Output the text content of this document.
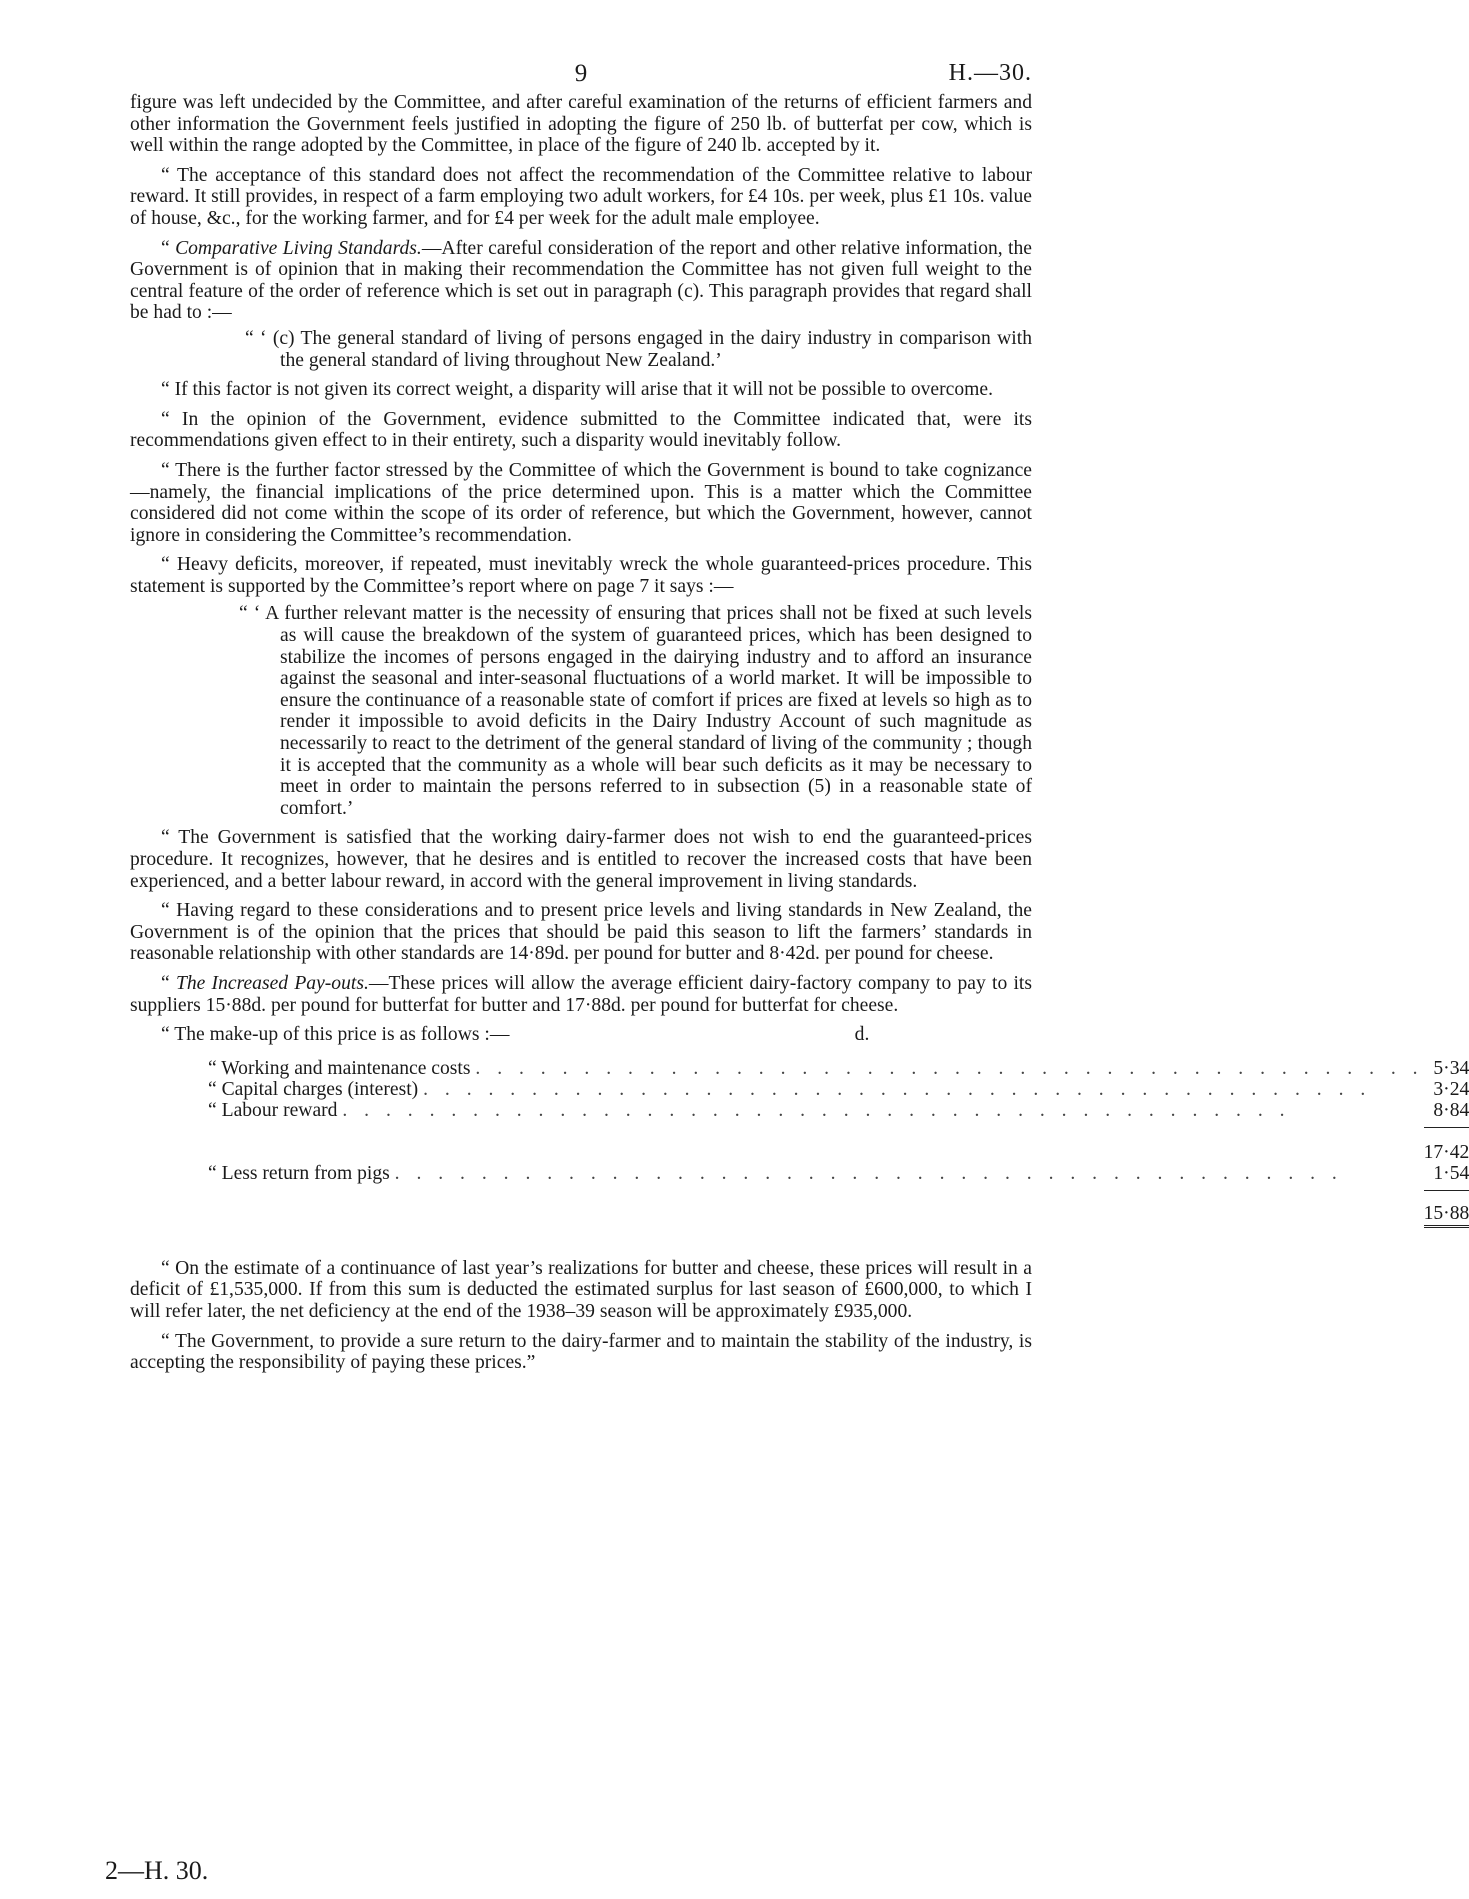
9	H.—30.

figure was left undecided by the Committee, and after careful examination of the returns of efficient farmers and other information the Government feels justified in adopting the figure of 250 lb. of butterfat per cow, which is well within the range adopted by the Committee, in place of the figure of 240 lb. accepted by it.

“ The acceptance of this standard does not affect the recommendation of the Committee relative to labour reward. It still provides, in respect of a farm employing two adult workers, for £4 10s. per week, plus £1 10s. value of house, &c., for the working farmer, and for £4 per week for the adult male employee.

“ Comparative Living Standards.—After careful consideration of the report and other relative information, the Government is of opinion that in making their recommendation the Committee has not given full weight to the central feature of the order of reference which is set out in paragraph (c). This paragraph provides that regard shall be had to :—

“ ‘ (c) The general standard of living of persons engaged in the dairy industry in comparison with the general standard of living throughout New Zealand.’

“ If this factor is not given its correct weight, a disparity will arise that it will not be possible to overcome.

“ In the opinion of the Government, evidence submitted to the Committee indicated that, were its recommendations given effect to in their entirety, such a disparity would inevitably follow.

“ There is the further factor stressed by the Committee of which the Government is bound to take cognizance—namely, the financial implications of the price determined upon. This is a matter which the Committee considered did not come within the scope of its order of reference, but which the Government, however, cannot ignore in considering the Committee’s recommendation.

“ Heavy deficits, moreover, if repeated, must inevitably wreck the whole guaranteed-prices procedure. This statement is supported by the Committee’s report where on page 7 it says :—

“ ‘ A further relevant matter is the necessity of ensuring that prices shall not be fixed at such levels as will cause the breakdown of the system of guaranteed prices, which has been designed to stabilize the incomes of persons engaged in the dairying industry and to afford an insurance against the seasonal and inter-seasonal fluctuations of a world market. It will be impossible to ensure the continuance of a reasonable state of comfort if prices are fixed at levels so high as to render it impossible to avoid deficits in the Dairy Industry Account of such magnitude as necessarily to react to the detriment of the general standard of living of the community ; though it is accepted that the community as a whole will bear such deficits as it may be necessary to meet in order to maintain the persons referred to in subsection (5) in a reasonable state of comfort.’

“ The Government is satisfied that the working dairy-farmer does not wish to end the guaranteed-prices procedure. It recognizes, however, that he desires and is entitled to recover the increased costs that have been experienced, and a better labour reward, in accord with the general improvement in living standards.

“ Having regard to these considerations and to present price levels and living standards in New Zealand, the Government is of the opinion that the prices that should be paid this season to lift the farmers’ standards in reasonable relationship with other standards are 14·89d. per pound for butter and 8·42d. per pound for cheese.

“ The Increased Pay-outs.—These prices will allow the average efficient dairy-factory company to pay to its suppliers 15·88d. per pound for butterfat for butter and 17·88d. per pound for butterfat for cheese.

“ The make-up of this price is as follows :—	d.
“ Working and maintenance costs . . . . . . . . . . . . . . . . . . . . . . . . . . . . . . . . . . . . . . . . . . . .	5·34
“ Capital charges (interest) . . . . . . . . . . . . . . . . . . . . . . . . . . . . . . . . . . . . . . . . . . . .	3·24
“ Labour reward . . . . . . . . . . . . . . . . . . . . . . . . . . . . . . . . . . . . . . . . . . . .	8·84

	17·42
“ Less return from pigs . . . . . . . . . . . . . . . . . . . . . . . . . . . . . . . . . . . . . . . . . . . .	1·54

	15·88

“ On the estimate of a continuance of last year’s realizations for butter and cheese, these prices will result in a deficit of £1,535,000. If from this sum is deducted the estimated surplus for last season of £600,000, to which I will refer later, the net deficiency at the end of the 1938–39 season will be approximately £935,000.

“ The Government, to provide a sure return to the dairy-farmer and to maintain the stability of the industry, is accepting the responsibility of paying these prices.”

2—H. 30.
